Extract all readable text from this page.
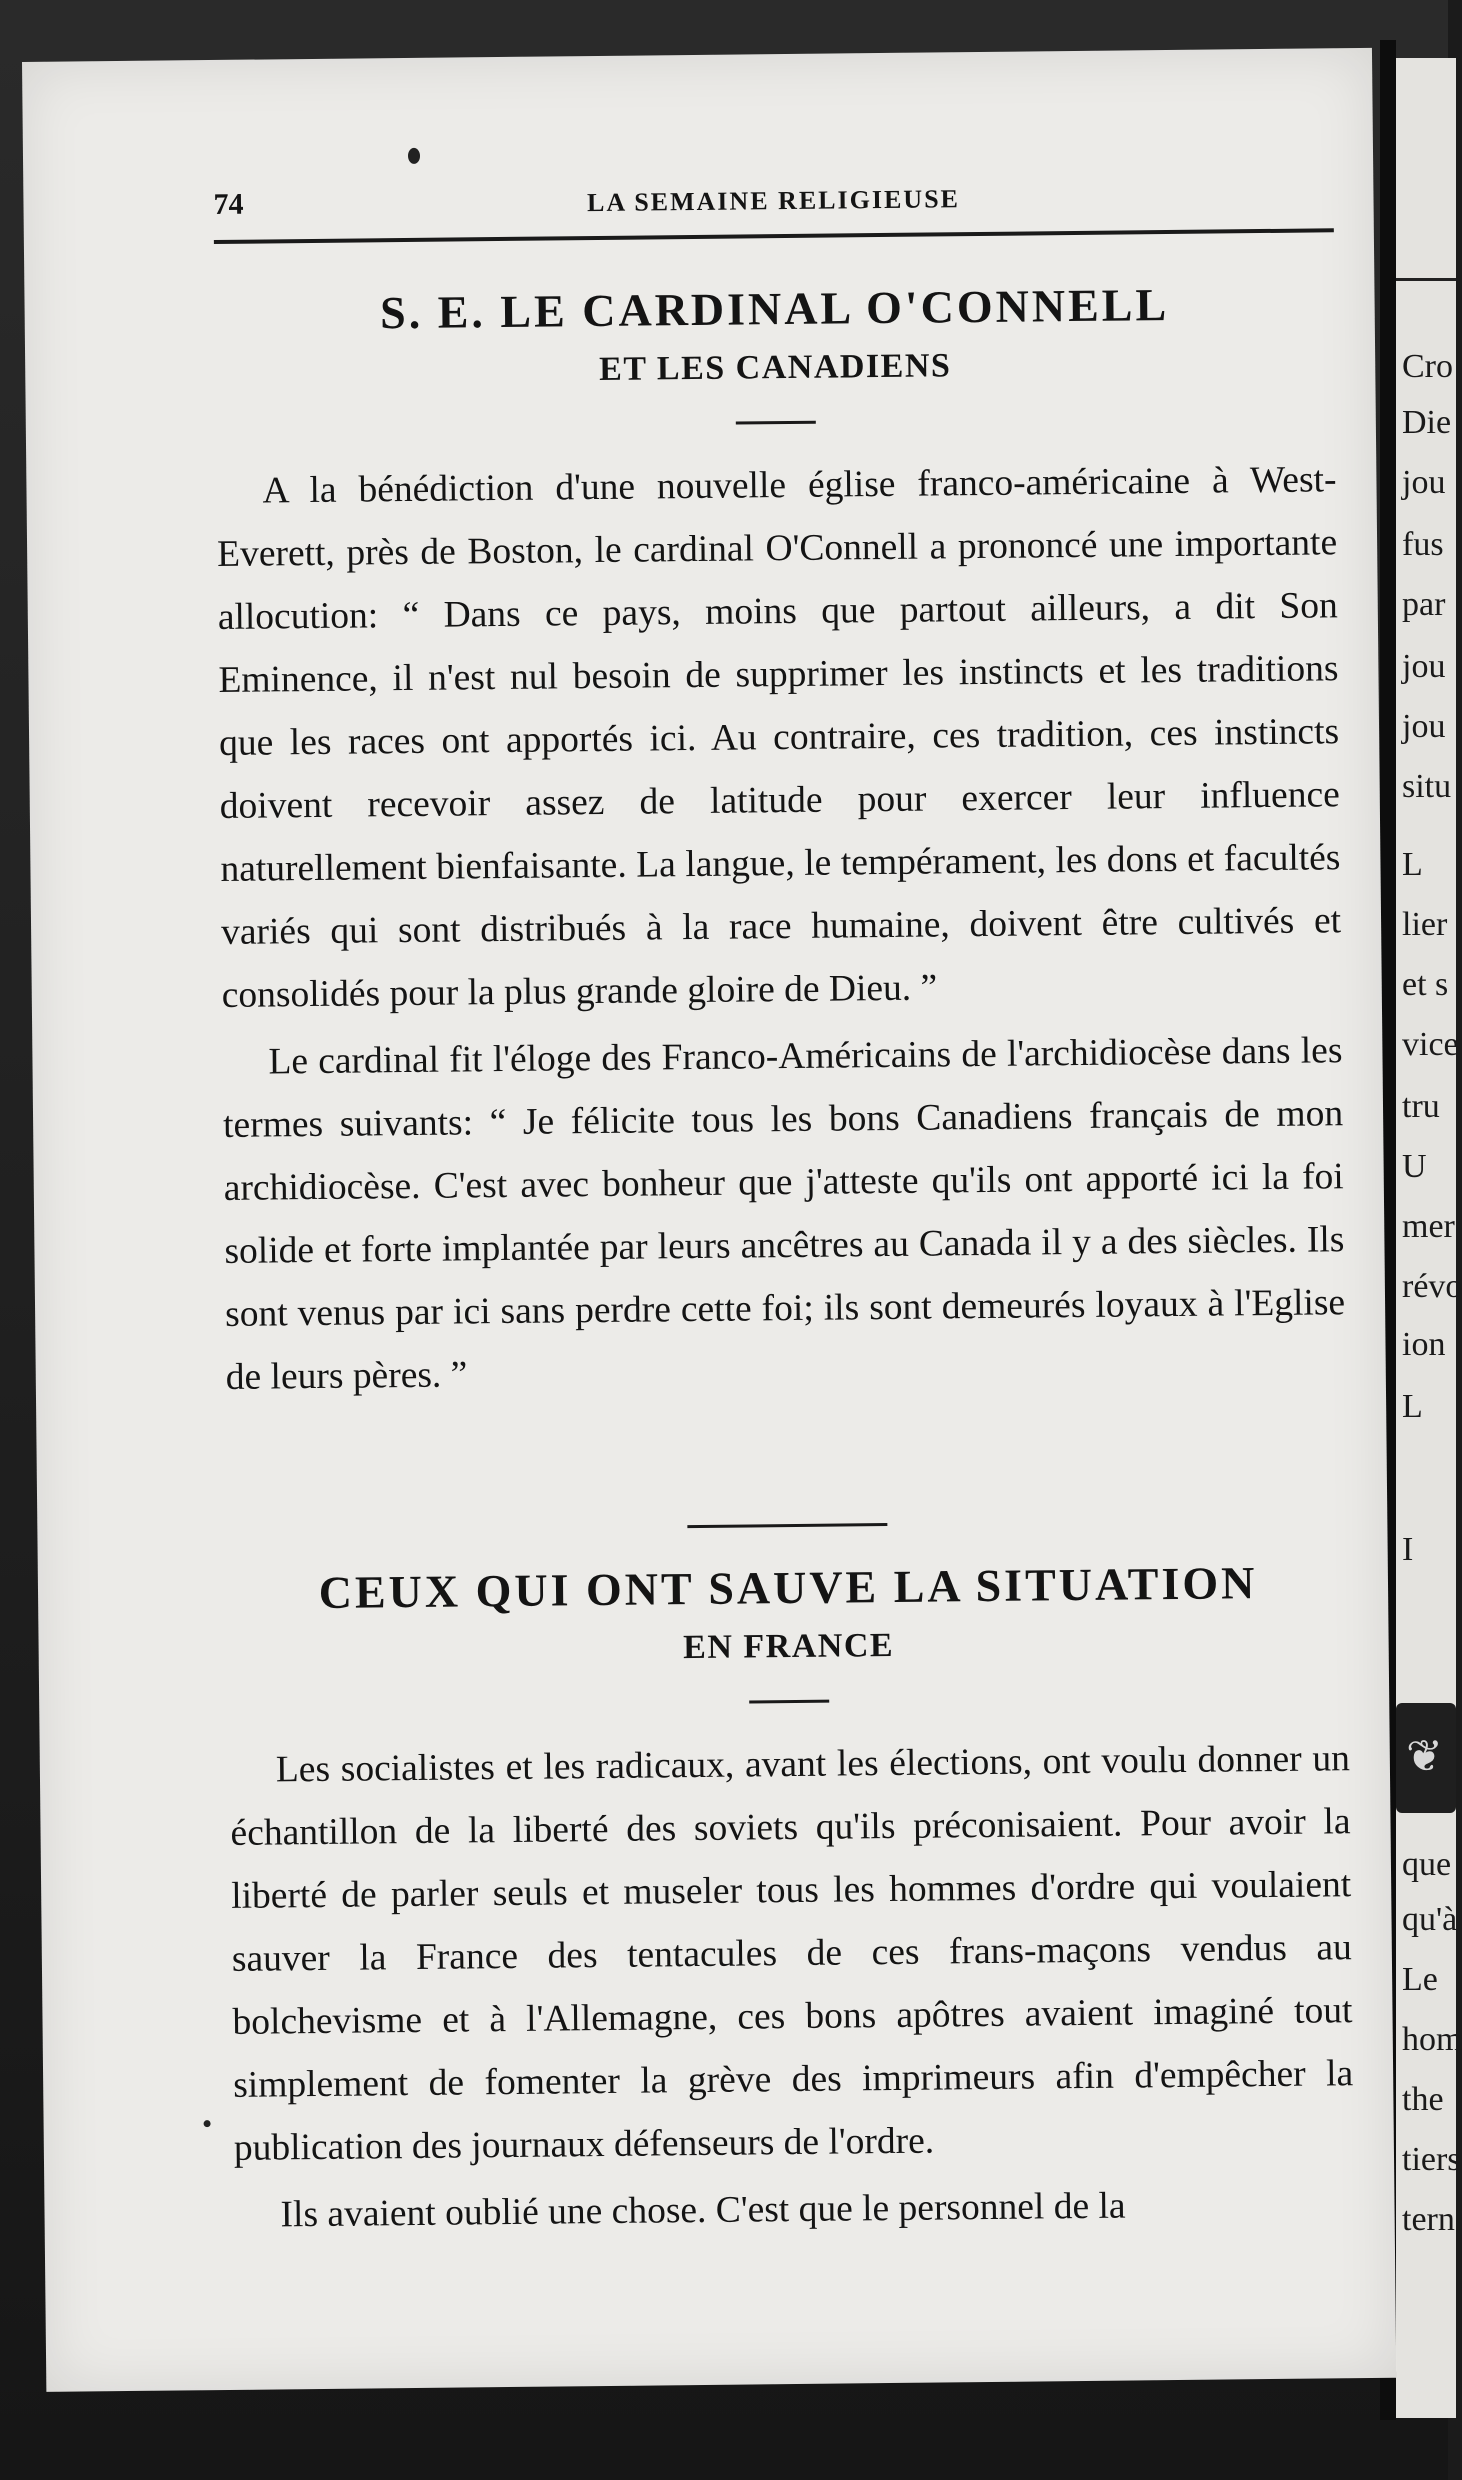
❦
Cro
Die
jou
fus
par
jou
jou
situ
L
lier
et s
vice
tru
U
mer
révo
ion
L
I
que
qu'à
Le
hom
the
tiers
tern
74	LA SEMAINE RELIGIEUSE
S. E. LE CARDINAL O'CONNELL
ET LES CANADIENS

A la bénédiction d'une nouvelle église franco-américaine à West-Everett, près de Boston, le cardinal O'Connell a prononcé une importante allocution: “ Dans ce pays, moins que partout ailleurs, a dit Son Eminence, il n'est nul besoin de supprimer les instincts et les traditions que les races ont apportés ici. Au contraire, ces tradition, ces instincts doivent recevoir assez de latitude pour exercer leur influence naturellement bienfaisante. La langue, le tempérament, les dons et facultés variés qui sont distribués à la race humaine, doivent être cultivés et consolidés pour la plus grande gloire de Dieu. ”

Le cardinal fit l'éloge des Franco-Américains de l'archidiocèse dans les termes suivants: “ Je félicite tous les bons Canadiens français de mon archidiocèse. C'est avec bonheur que j'atteste qu'ils ont apporté ici la foi solide et forte implantée par leurs ancêtres au Canada il y a des siècles. Ils sont venus par ici sans perdre cette foi; ils sont demeurés loyaux à l'Eglise de leurs pères. ”

CEUX QUI ONT SAUVE LA SITUATION
EN FRANCE

Les socialistes et les radicaux, avant les élections, ont voulu donner un échantillon de la liberté des soviets qu'ils préconisaient. Pour avoir la liberté de parler seuls et museler tous les hommes d'ordre qui voulaient sauver la France des tentacules de ces frans-maçons vendus au bolchevisme et à l'Allemagne, ces bons apôtres avaient imaginé tout simplement de fomenter la grève des imprimeurs afin d'empêcher la publication des journaux défenseurs de l'ordre.

Ils avaient oublié une chose. C'est que le personnel de la
